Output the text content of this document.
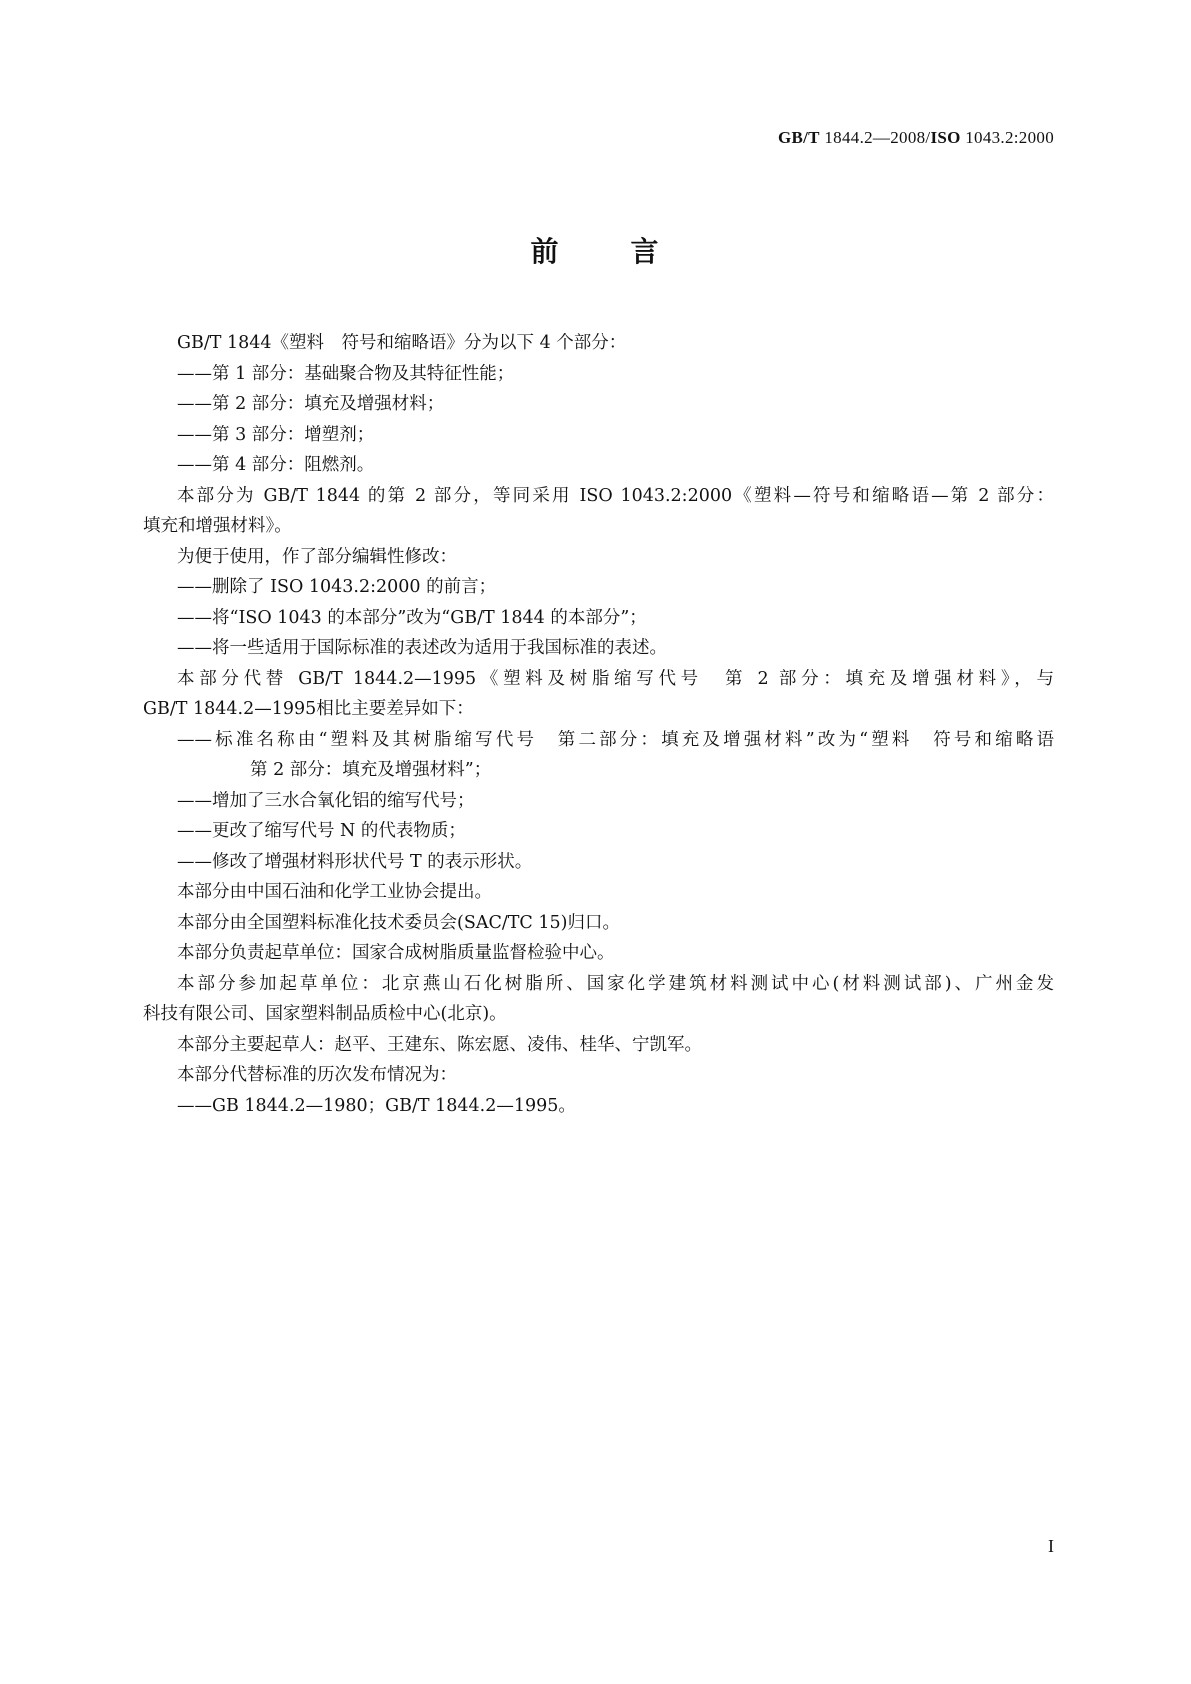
GB/T 1844.2—2008/ISO 1043.2:2000
前	言
GB/T 1844《塑料　符号和缩略语》分为以下 4 个部分：
——第 1 部分：基础聚合物及其特征性能；
——第 2 部分：填充及增强材料；
——第 3 部分：增塑剂；
——第 4 部分：阻燃剂。
本部分为 GB/T 1844 的第 2 部分，等同采用 ISO 1043.2:2000《塑料—符号和缩略语—第 2 部分：
填充和增强材料》。
为便于使用，作了部分编辑性修改：
——删除了 ISO 1043.2:2000 的前言；
——将“ISO 1043 的本部分”改为“GB/T 1844 的本部分”；
——将一些适用于国际标准的表述改为适用于我国标准的表述。
本部分代替 GB/T 1844.2—1995《塑料及树脂缩写代号　第 2 部分：填充及增强材料》，与
GB/T 1844.2—1995相比主要差异如下：
——标准名称由“塑料及其树脂缩写代号　第二部分：填充及增强材料”改为“塑料　符号和缩略语
第 2 部分：填充及增强材料”；
——增加了三水合氧化铝的缩写代号；
——更改了缩写代号 N 的代表物质；
——修改了增强材料形状代号 T 的表示形状。
本部分由中国石油和化学工业协会提出。
本部分由全国塑料标准化技术委员会(SAC/TC 15)归口。
本部分负责起草单位：国家合成树脂质量监督检验中心。
本部分参加起草单位：北京燕山石化树脂所、国家化学建筑材料测试中心(材料测试部)、广州金发
科技有限公司、国家塑料制品质检中心(北京)。
本部分主要起草人：赵平、王建东、陈宏愿、凌伟、桂华、宁凯军。
本部分代替标准的历次发布情况为：
——GB 1844.2—1980；GB/T 1844.2—1995。
I
